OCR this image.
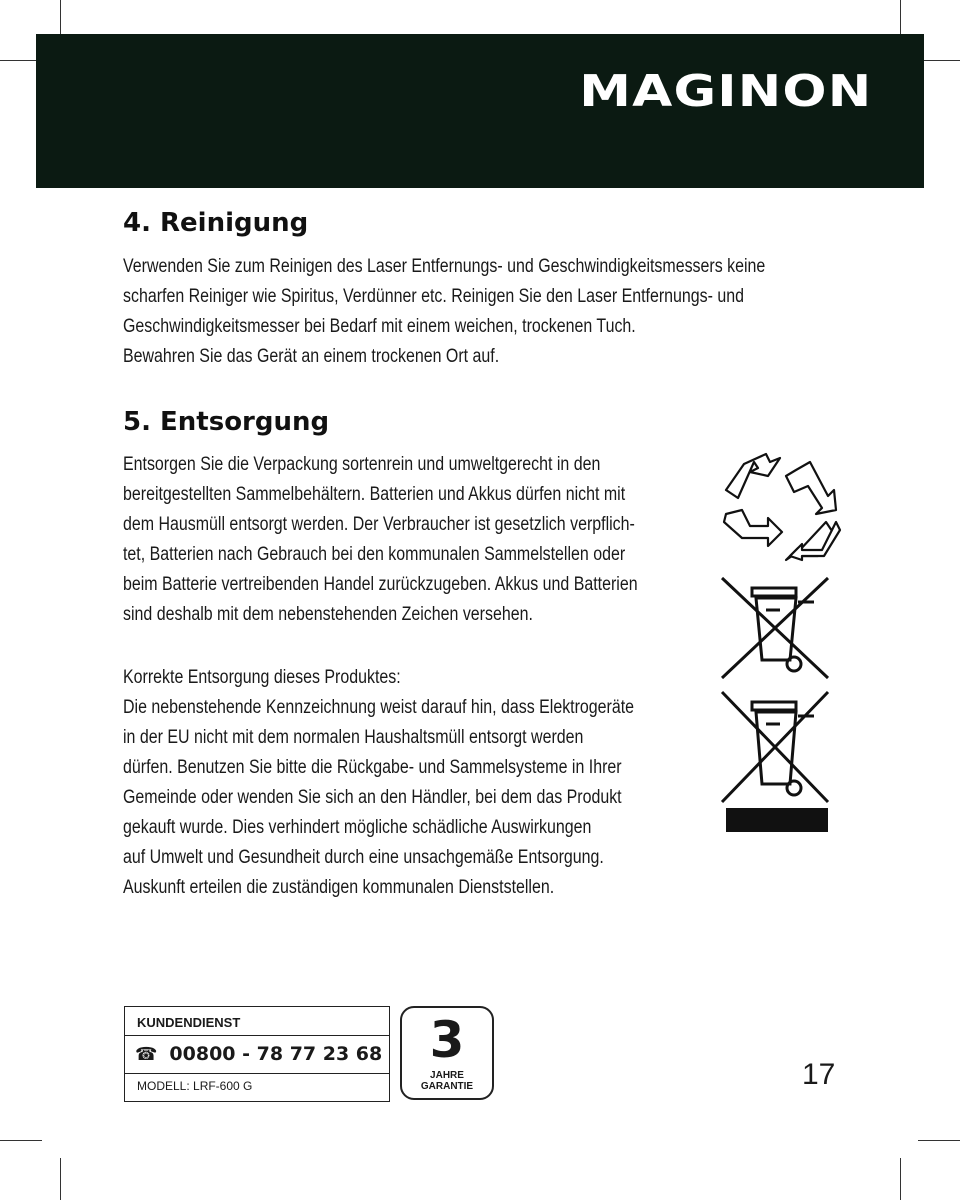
MAGINON
4. Reinigung

Verwenden Sie zum Reinigen des Laser Entfernungs- und Geschwindigkeitsmessers keine
scharfen Reiniger wie Spiritus, Verdünner etc. Reinigen Sie den Laser Entfernungs- und
Geschwindigkeitsmesser bei Bedarf mit einem weichen, trockenen Tuch.
Bewahren Sie das Gerät an einem trockenen Ort auf.

5. Entsorgung

Entsorgen Sie die Verpackung sortenrein und umweltgerecht in den
bereitgestellten Sammelbehältern. Batterien und Akkus dürfen nicht mit
dem Hausmüll entsorgt werden. Der Verbraucher ist gesetzlich verpflich-
tet, Batterien nach Gebrauch bei den kommunalen Sammelstellen oder
beim Batterie vertreibenden Handel zurückzugeben. Akkus und Batterien
sind deshalb mit dem nebenstehenden Zeichen versehen.

Korrekte Entsorgung dieses Produktes:
Die nebenstehende Kennzeichnung weist darauf hin, dass Elektrogeräte
in der EU nicht mit dem normalen Haushaltsmüll entsorgt werden
dürfen. Benutzen Sie bitte die Rückgabe- und Sammelsysteme in Ihrer
Gemeinde oder wenden Sie sich an den Händler, bei dem das Produkt
gekauft wurde. Dies verhindert mögliche schädliche Auswirkungen
auf Umwelt und Gesundheit durch eine unsachgemäße Entsorgung.
Auskunft erteilen die zuständigen kommunalen Dienststellen.

KUNDENDIENST
☎ 00800 - 78 77 23 68
MODELL: LRF-600 G
3
JAHRE
GARANTIE	17
